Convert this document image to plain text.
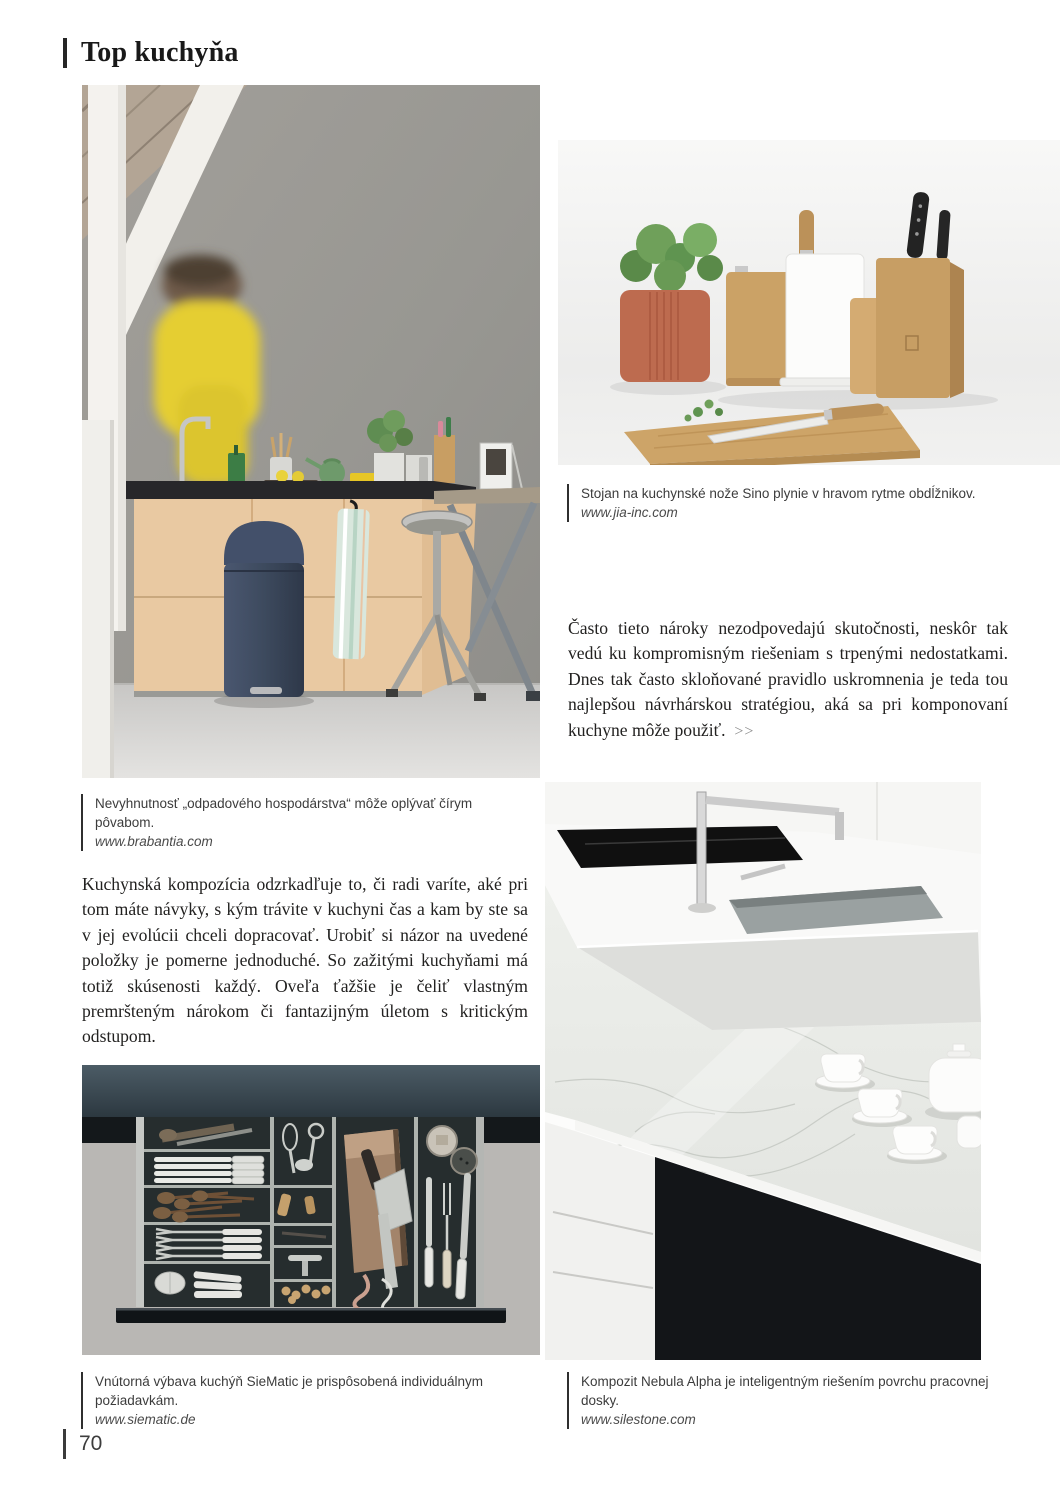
Top kuchyňa
Stojan na kuchynské nože Sino plynie v hravom rytme obdĺžnikov.
www.jia-inc.com

Často tieto nároky nezodpovedajú skutočnosti, neskôr tak vedú ku kompromisným riešeniam s trpenými nedostatkami. Dnes tak často skloňované pravidlo uskromnenia je teda tou najlepšou návrhárskou stratégiou, aká sa pri komponovaní kuchyne môže použiť. >>

Nevyhnutnosť „odpadového hospodárstva“ môže oplývať čírym pôvabom.
www.brabantia.com

Kuchynská kompozícia odzrkadľuje to, či radi varíte, aké pri tom máte návyky, s kým trávite v kuchyni čas a kam by ste sa v jej evolúcii chceli dopracovať. Urobiť si názor na uvedené položky je pomerne jednoduché. So zažitými kuchyňami má totiž skúsenosti každý. Oveľa ťažšie je čeliť vlastným premršteným nárokom či fantazijným úletom s kritickým odstupom.

Vnútorná výbava kuchýň SieMatic je prispôsobená individuálnym požiadavkám.
www.siematic.de
Kompozit Nebula Alpha je inteligentným riešením povrchu pracovnej dosky.
www.silestone.com
70
